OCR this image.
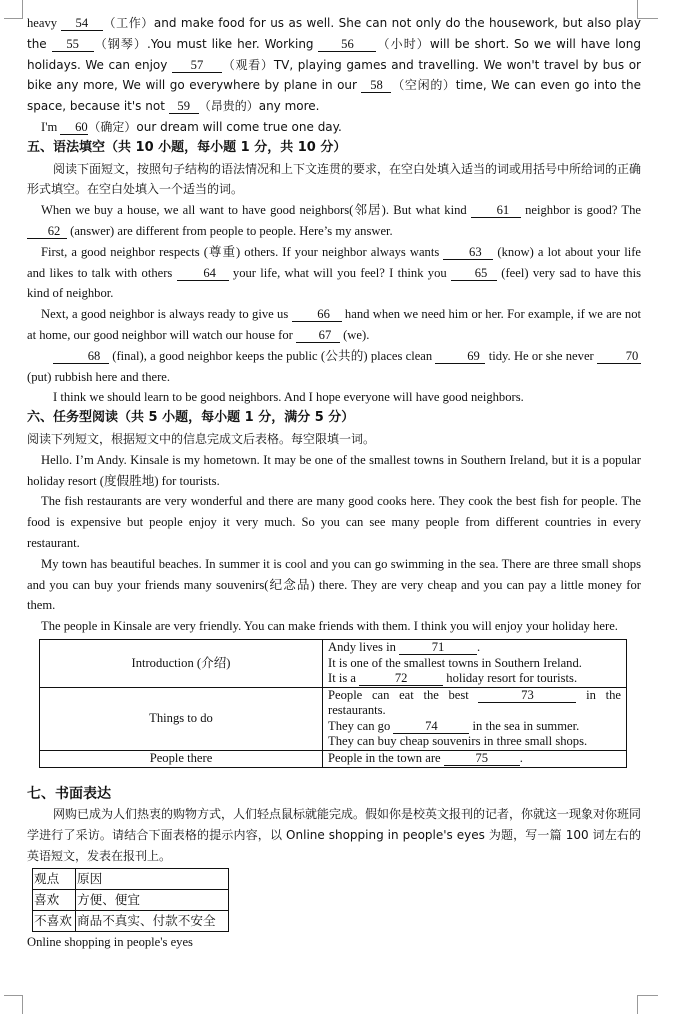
heavy 54 （工作）and make food for us as well. She can not only do the housework, but also play the 55 （钢琴）.You must like her. Working 56 （小时）will be short. So we will have long holidays. We can enjoy 57 （观看）TV, playing games and travelling. We won't travel by bus or bike any more, We will go everywhere by plane in our 58 （空闲的）time, We can even go into the space, because it's not 59 （昂贵的）any more.

I'm 60（确定）our dream will come true one day.

五、语法填空（共 10 小题，每小题 1 分，共 10 分）

阅读下面短文，按照句子结构的语法情况和上下文连贯的要求，在空白处填入适当的词或用括号中所给词的正确形式填空。在空白处填入一个适当的词。

When we buy a house, we all want to have good neighbors(邻居). But what kind 61 neighbor is good? The 62 (answer) are different from people to people. Here’s my answer.

First, a good neighbor respects (尊重) others. If your neighbor always wants 63 (know) a lot about your life and likes to talk with others 64 your life, what will you feel? I think you 65 (feel) very sad to have this kind of neighbor.

Next, a good neighbor is always ready to give us 66 hand when we need him or her. For example, if we are not at home, our good neighbor will watch our house for 67 (we).

68 (final), a good neighbor keeps the public (公共的) places clean	69 tidy. He or she never 70 (put) rubbish here and there.

I think we should learn to be good neighbors. And I hope everyone will have good neighbors.

六、任务型阅读（共 5 小题，每小题 1 分，满分 5 分）

阅读下列短文，根据短文中的信息完成文后表格。每空限填一词。

Hello. I’m Andy. Kinsale is my hometown. It may be one of the smallest towns in Southern Ireland, but it is a popular holiday resort (度假胜地) for tourists.

The fish restaurants are very wonderful and there are many good cooks here. They cook the best fish for people. The food is expensive but people enjoy it very much. So you can see many people from different countries in every restaurant.

My town has beautiful beaches. In summer it is cool and you can go swimming in the sea. There are three small shops and you can buy your friends many souvenirs(纪念品) there. They are very cheap and you can pay a little money for them.

The people in Kinsale are very friendly. You can make friends with them. I think you will enjoy your holiday here.

Introduction (介绍)	Andy lives in 71 .
It is one of the smallest towns in Southern Ireland.
It is a 72 holiday resort for tourists.

Things to do	People can eat the best 73 in the restaurants.
They can go 74 in the sea in summer.
They can buy cheap souvenirs in three small shops.

People there	People in the town are 75 .

七、书面表达

网购已成为人们热衷的购物方式，人们轻点鼠标就能完成。假如你是校英文报刊的记者，你就这一现象对你班同学进行了采访。请结合下面表格的提示内容，以 Online shopping in people's eyes 为题，写一篇 100 词左右的英语短文，发表在报刊上。

观点	原因
喜欢	方便、便宜
不喜欢	商品不真实、付款不安全

Online shopping in people's eyes
